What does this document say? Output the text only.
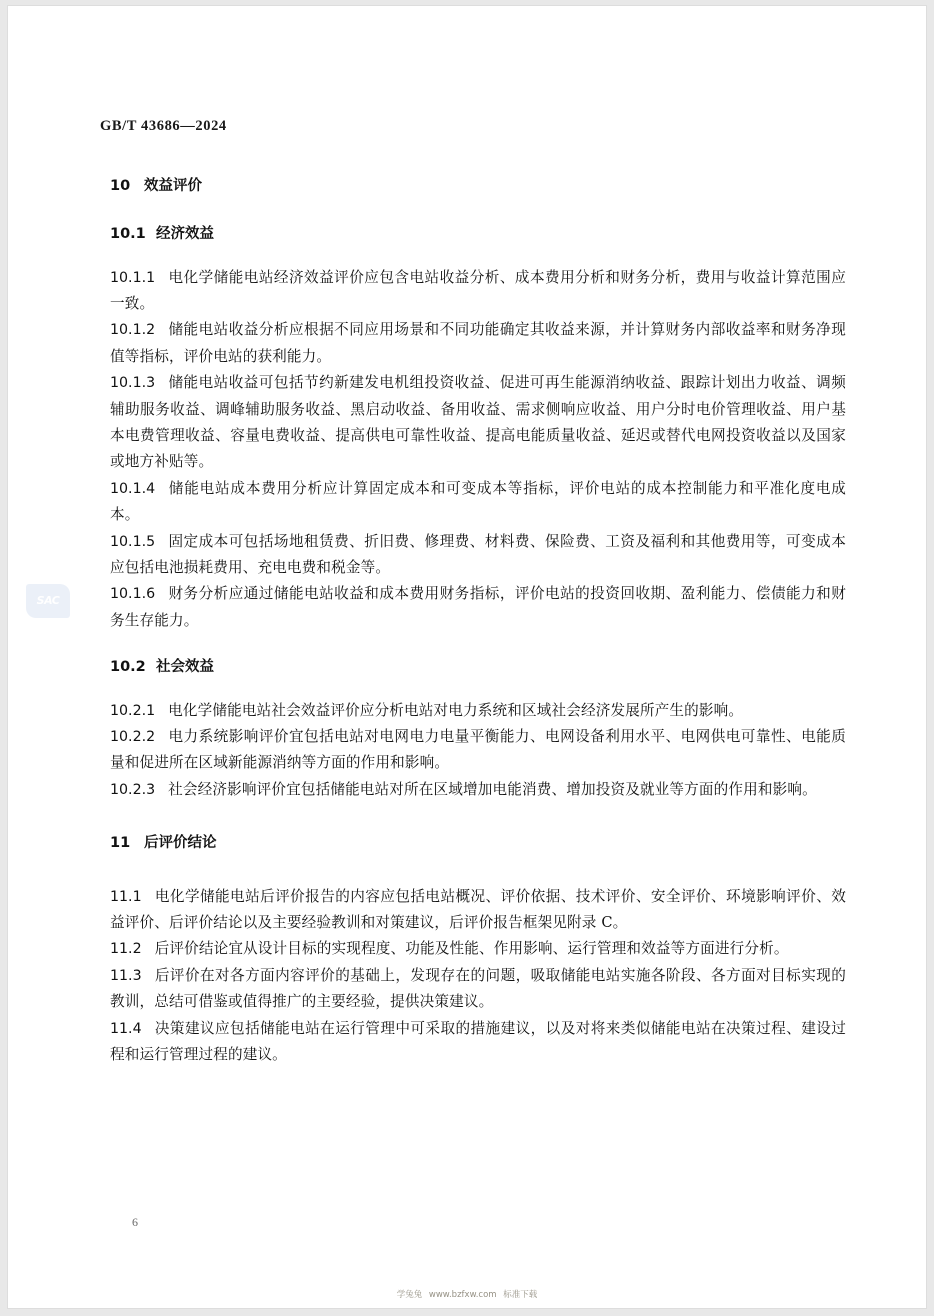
GB/T 43686—2024
10 效益评价
10.1 经济效益

10.1.1 电化学储能电站经济效益评价应包含电站收益分析、成本费用分析和财务分析，费用与收益计算范围应一致。

10.1.2 储能电站收益分析应根据不同应用场景和不同功能确定其收益来源，并计算财务内部收益率和财务净现值等指标，评价电站的获利能力。

10.1.3 储能电站收益可包括节约新建发电机组投资收益、促进可再生能源消纳收益、跟踪计划出力收益、调频辅助服务收益、调峰辅助服务收益、黑启动收益、备用收益、需求侧响应收益、用户分时电价管理收益、用户基本电费管理收益、容量电费收益、提高供电可靠性收益、提高电能质量收益、延迟或替代电网投资收益以及国家或地方补贴等。

10.1.4 储能电站成本费用分析应计算固定成本和可变成本等指标，评价电站的成本控制能力和平准化度电成本。

10.1.5 固定成本可包括场地租赁费、折旧费、修理费、材料费、保险费、工资及福利和其他费用等，可变成本应包括电池损耗费用、充电电费和税金等。

10.1.6 财务分析应通过储能电站收益和成本费用财务指标，评价电站的投资回收期、盈利能力、偿债能力和财务生存能力。

10.2 社会效益

10.2.1 电化学储能电站社会效益评价应分析电站对电力系统和区域社会经济发展所产生的影响。

10.2.2 电力系统影响评价宜包括电站对电网电力电量平衡能力、电网设备利用水平、电网供电可靠性、电能质量和促进所在区域新能源消纳等方面的作用和影响。

10.2.3 社会经济影响评价宜包括储能电站对所在区域增加电能消费、增加投资及就业等方面的作用和影响。

11 后评价结论

11.1 电化学储能电站后评价报告的内容应包括电站概况、评价依据、技术评价、安全评价、环境影响评价、效益评价、后评价结论以及主要经验教训和对策建议，后评价报告框架见附录 C。

11.2 后评价结论宜从设计目标的实现程度、功能及性能、作用影响、运行管理和效益等方面进行分析。

11.3 后评价在对各方面内容评价的基础上，发现存在的问题，吸取储能电站实施各阶段、各方面对目标实现的教训，总结可借鉴或值得推广的主要经验，提供决策建议。

11.4 决策建议应包括储能电站在运行管理中可采取的措施建议，以及对将来类似储能电站在决策过程、建设过程和运行管理过程的建议。

SAC
6
学兔兔 www.bzfxw.com 标准下载
